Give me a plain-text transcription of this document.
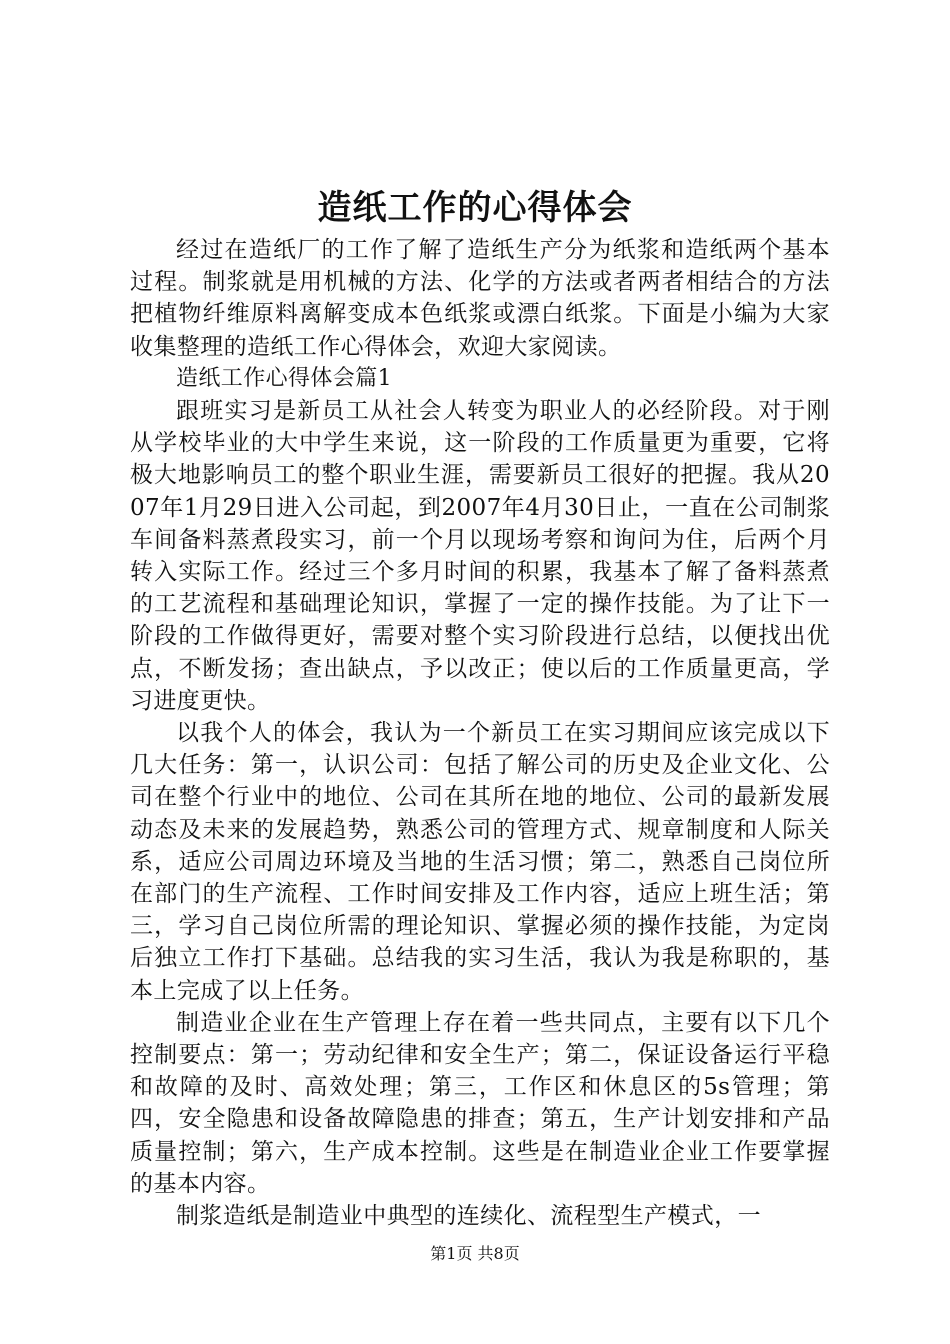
造纸工作的心得体会

经过在造纸厂的工作了解了造纸生产分为纸浆和造纸两个基本过程。制浆就是用机械的方法、化学的方法或者两者相结合的方法把植物纤维原料离解变成本色纸浆或漂白纸浆。下面是小编为大家收集整理的造纸工作心得体会，欢迎大家阅读。

造纸工作心得体会篇1

跟班实习是新员工从社会人转变为职业人的必经阶段。对于刚从学校毕业的大中学生来说，这一阶段的工作质量更为重要，它将极大地影响员工的整个职业生涯，需要新员工很好的把握。我从2007年1月29日进入公司起，到2007年4月30日止，一直在公司制浆车间备料蒸煮段实习，前一个月以现场考察和询问为住，后两个月转入实际工作。经过三个多月时间的积累，我基本了解了备料蒸煮的工艺流程和基础理论知识，掌握了一定的操作技能。为了让下一阶段的工作做得更好，需要对整个实习阶段进行总结，以便找出优点，不断发扬；查出缺点，予以改正；使以后的工作质量更高，学习进度更快。

以我个人的体会，我认为一个新员工在实习期间应该完成以下几大任务：第一，认识公司：包括了解公司的历史及企业文化、公司在整个行业中的地位、公司在其所在地的地位、公司的最新发展动态及未来的发展趋势，熟悉公司的管理方式、规章制度和人际关系，适应公司周边环境及当地的生活习惯；第二，熟悉自己岗位所在部门的生产流程、工作时间安排及工作内容，适应上班生活；第三，学习自己岗位所需的理论知识、掌握必须的操作技能，为定岗后独立工作打下基础。总结我的实习生活，我认为我是称职的，基本上完成了以上任务。

制造业企业在生产管理上存在着一些共同点，主要有以下几个控制要点：第一；劳动纪律和安全生产；第二，保证设备运行平稳和故障的及时、高效处理；第三，工作区和休息区的5s管理；第四，安全隐患和设备故障隐患的排查；第五，生产计划安排和产品质量控制；第六，生产成本控制。这些是在制造业企业工作要掌握的基本内容。

制浆造纸是制造业中典型的连续化、流程型生产模式，一

第1页 共8页
